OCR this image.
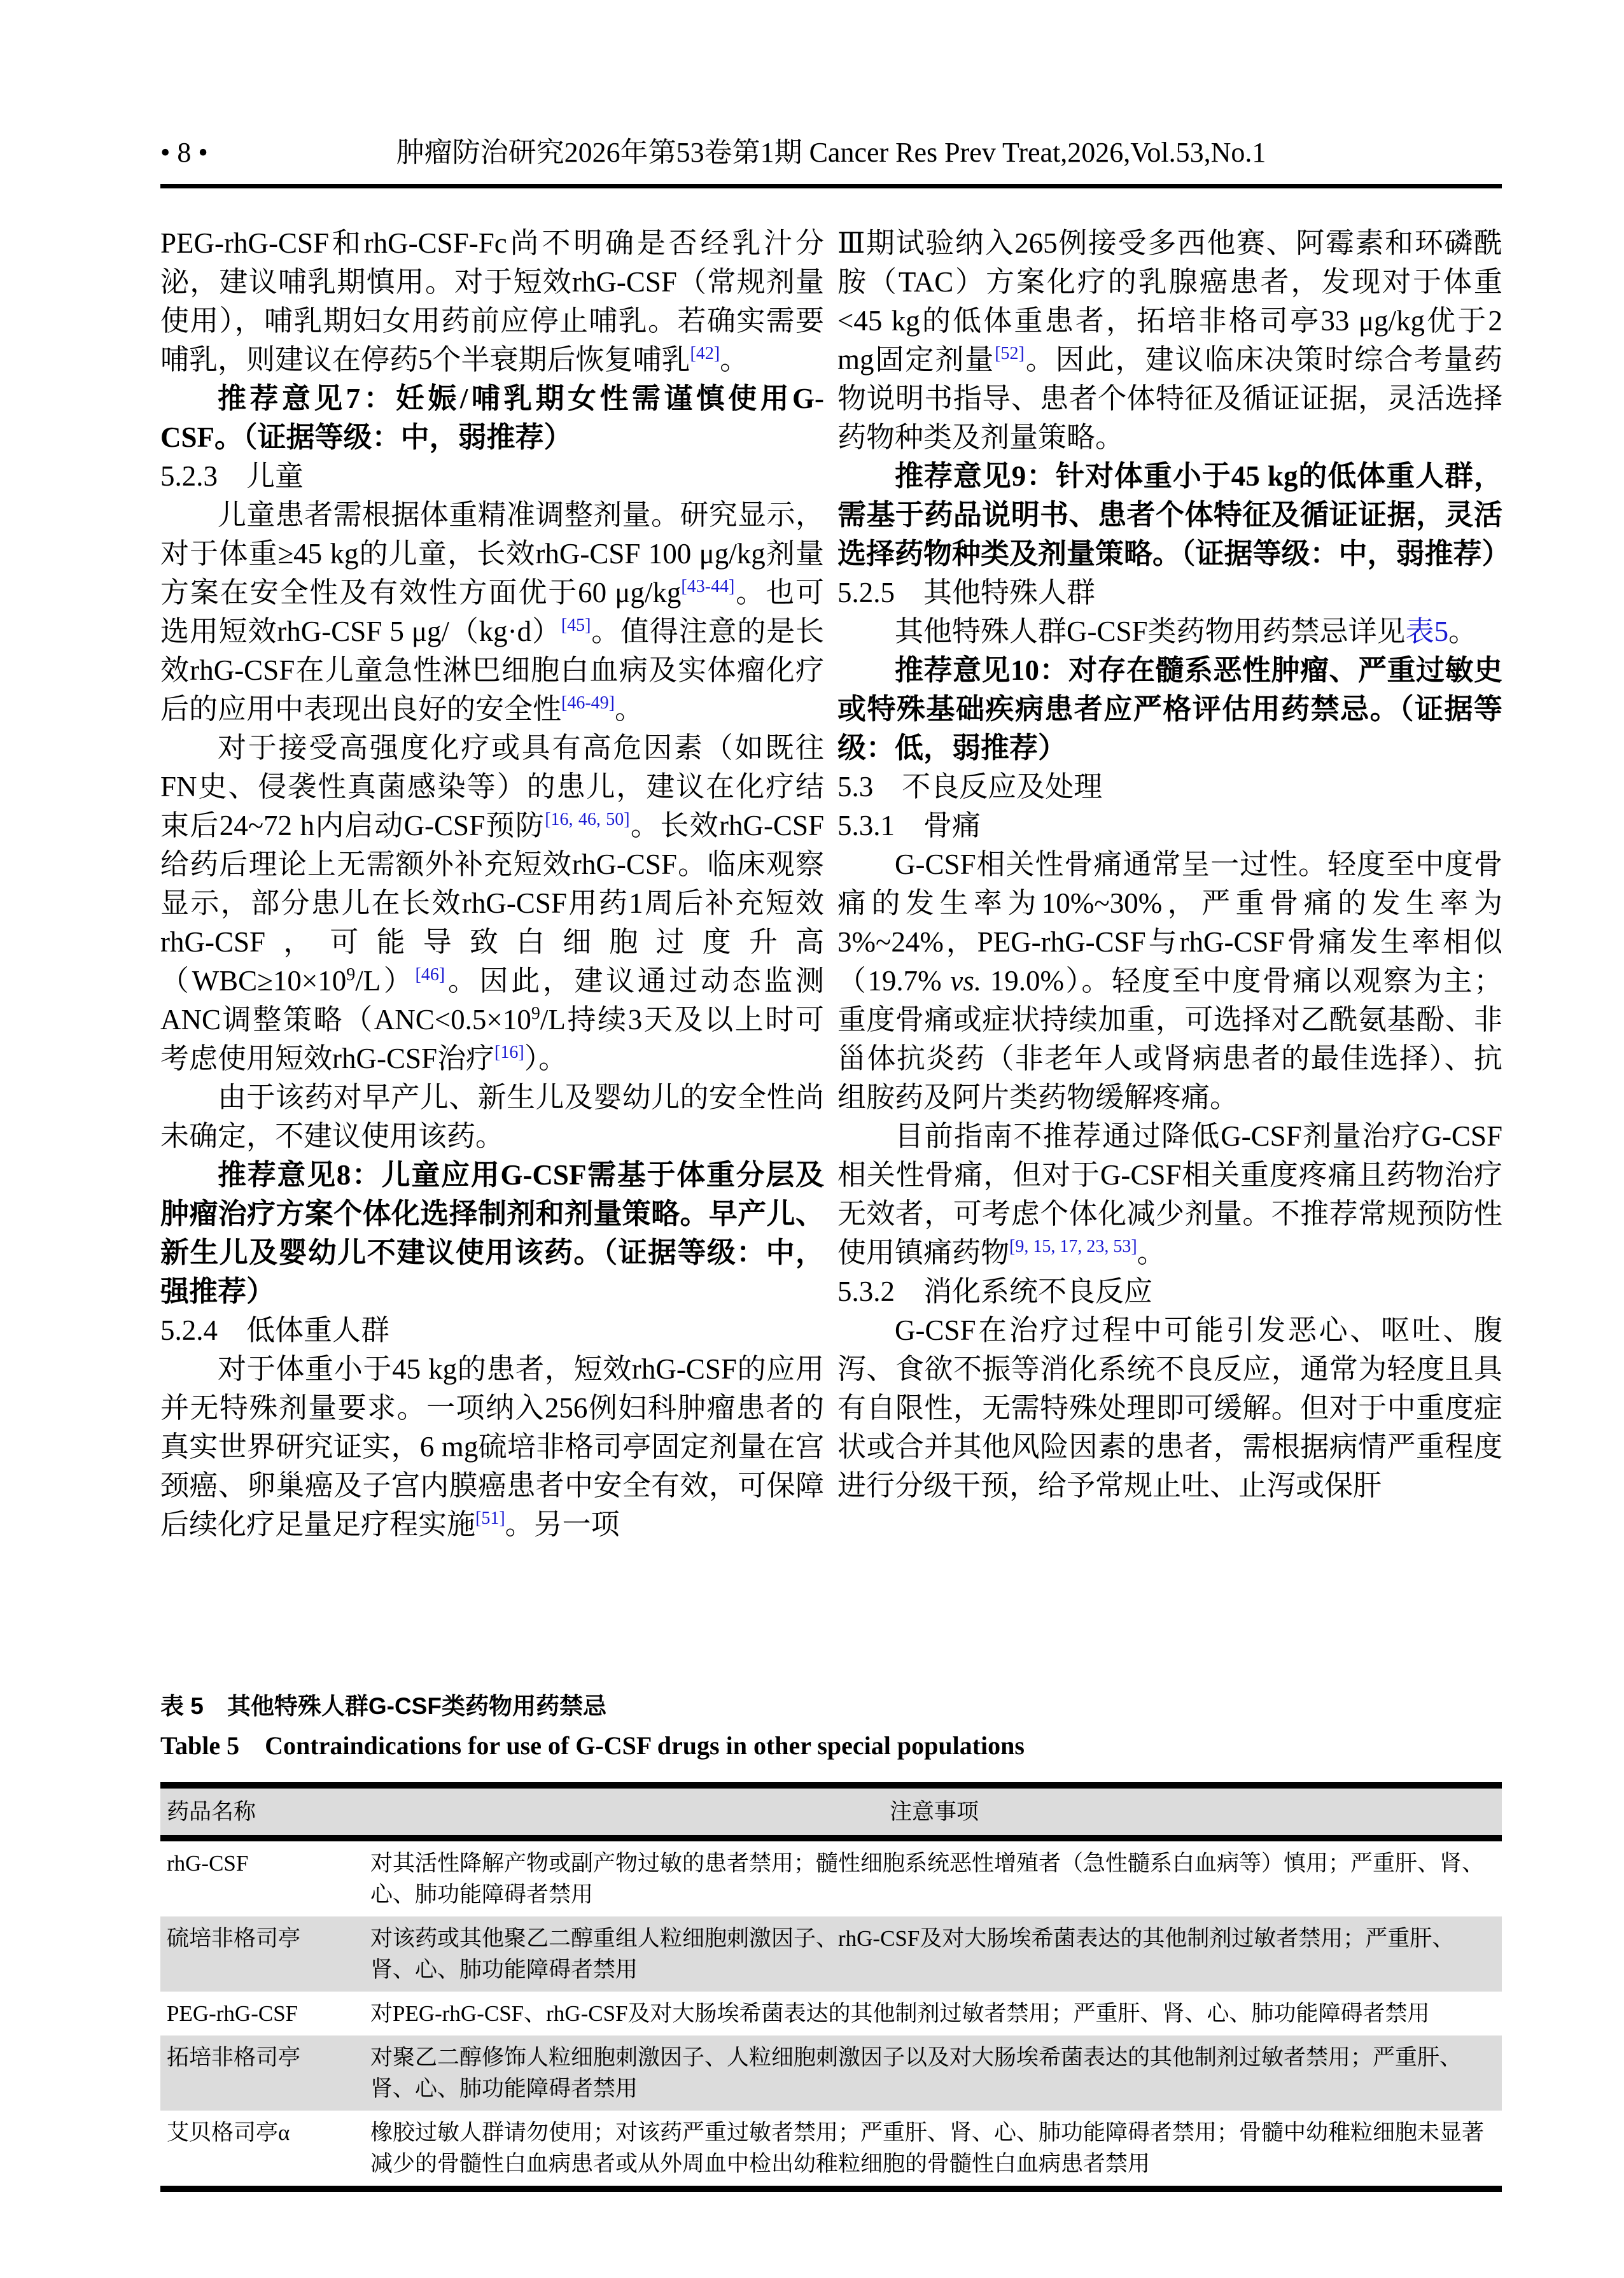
• 8 •	肿瘤防治研究2026年第53卷第1期 Cancer Res Prev Treat,2026,Vol.53,No.1

PEG-rhG-CSF和rhG-CSF-Fc尚不明确是否经乳汁分泌，建议哺乳期慎用。对于短效rhG-CSF（常规剂量使用），哺乳期妇女用药前应停止哺乳。若确实需要哺乳，则建议在停药5个半衰期后恢复哺乳[42]。

推荐意见7：妊娠/哺乳期女性需谨慎使用G-CSF。（证据等级：中，弱推荐）

5.2.3　儿童

儿童患者需根据体重精准调整剂量。研究显示，对于体重≥45 kg的儿童，长效rhG-CSF 100 μg/kg剂量方案在安全性及有效性方面优于60 μg/kg[43-44]。也可选用短效rhG-CSF 5 μg/（kg·d）[45]。值得注意的是长效rhG-CSF在儿童急性淋巴细胞白血病及实体瘤化疗后的应用中表现出良好的安全性[46-49]。

对于接受高强度化疗或具有高危因素（如既往FN史、侵袭性真菌感染等）的患儿，建议在化疗结束后24~72 h内启动G-CSF预防[16, 46, 50]。长效rhG-CSF给药后理论上无需额外补充短效rhG-CSF。临床观察显示，部分患儿在长效rhG-CSF用药1周后补充短效rhG-CSF，可能导致白细胞过度升高$(WBC\ge 10\times 10^9/L)[46]$。因此，建议通过动态监测ANC调整策略（$ANC<0.5\times 10^9/L$持续3天及以上时可考虑使用短效rhG-CSF治疗[16]）。

由于该药对早产儿、新生儿及婴幼儿的安全性尚未确定，不建议使用该药。

推荐意见8：儿童应用G-CSF需基于体重分层及肿瘤治疗方案个体化选择制剂和剂量策略。早产儿、新生儿及婴幼儿不建议使用该药。（证据等级：中，强推荐）

5.2.4　低体重人群

对于体重小于45 kg的患者，短效rhG-CSF的应用并无特殊剂量要求。一项纳入256例妇科肿瘤患者的真实世界研究证实，6 mg硫培非格司亭固定剂量在宫颈癌、卵巢癌及子宫内膜癌患者中安全有效，可保障后续化疗足量足疗程实施[51]。另一项

Ⅲ期试验纳入265例接受多西他赛、阿霉素和环磷酰胺（TAC）方案化疗的乳腺癌患者，发现对于体重<45 kg的低体重患者，拓培非格司亭33 μg/kg优于2 mg固定剂量[52]。因此，建议临床决策时综合考量药物说明书指导、患者个体特征及循证证据，灵活选择药物种类及剂量策略。

推荐意见9：针对体重小于45 kg的低体重人群，需基于药品说明书、患者个体特征及循证证据，灵活选择药物种类及剂量策略。（证据等级：中，弱推荐）

5.2.5　其他特殊人群

其他特殊人群G-CSF类药物用药禁忌详见表5。

推荐意见10：对存在髓系恶性肿瘤、严重过敏史或特殊基础疾病患者应严格评估用药禁忌。（证据等级：低，弱推荐）

5.3　不良反应及处理

5.3.1　骨痛

G-CSF相关性骨痛通常呈一过性。轻度至中度骨痛的发生率为10%~30%，严重骨痛的发生率为3%~24%，PEG-rhG-CSF与rhG-CSF骨痛发生率相似（19.7% vs. 19.0%）。轻度至中度骨痛以观察为主；重度骨痛或症状持续加重，可选择对乙酰氨基酚、非甾体抗炎药（非老年人或肾病患者的最佳选择）、抗组胺药及阿片类药物缓解疼痛。

目前指南不推荐通过降低G-CSF剂量治疗G-CSF相关性骨痛，但对于G-CSF相关重度疼痛且药物治疗无效者，可考虑个体化减少剂量。不推荐常规预防性使用镇痛药物[9, 15, 17, 23, 53]。

5.3.2　消化系统不良反应

G-CSF在治疗过程中可能引发恶心、呕吐、腹泻、食欲不振等消化系统不良反应，通常为轻度且具有自限性，无需特殊处理即可缓解。但对于中重度症状或合并其他风险因素的患者，需根据病情严重程度进行分级干预，给予常规止吐、止泻或保肝

表 5　其他特殊人群G-CSF类药物用药禁忌

Table 5　Contraindications for use of G-CSF drugs in other special populations

药品名称	注意事项
rhG-CSF	对其活性降解产物或副产物过敏的患者禁用；髓性细胞系统恶性增殖者（急性髓系白血病等）慎用；严重肝、肾、心、肺功能障碍者禁用
硫培非格司亭	对该药或其他聚乙二醇重组人粒细胞刺激因子、rhG-CSF及对大肠埃希菌表达的其他制剂过敏者禁用；严重肝、肾、心、肺功能障碍者禁用
PEG-rhG-CSF	对PEG-rhG-CSF、rhG-CSF及对大肠埃希菌表达的其他制剂过敏者禁用；严重肝、肾、心、肺功能障碍者禁用
拓培非格司亭	对聚乙二醇修饰人粒细胞刺激因子、人粒细胞刺激因子以及对大肠埃希菌表达的其他制剂过敏者禁用；严重肝、肾、心、肺功能障碍者禁用
艾贝格司亭α	橡胶过敏人群请勿使用；对该药严重过敏者禁用；严重肝、肾、心、肺功能障碍者禁用；骨髓中幼稚粒细胞未显著减少的骨髓性白血病患者或从外周血中检出幼稚粒细胞的骨髓性白血病患者禁用
